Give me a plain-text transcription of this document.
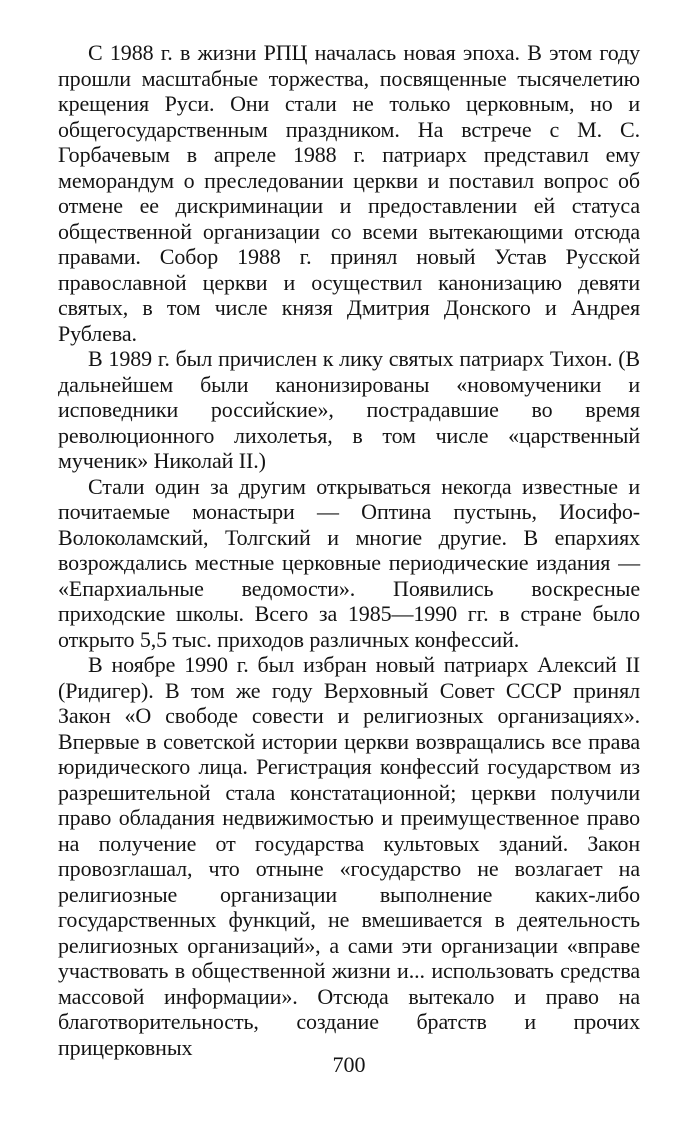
С 1988 г. в жизни РПЦ началась новая эпоха. В этом году прошли масштабные торжества, посвященные тысячелетию крещения Руси. Они стали не только церковным, но и общегосударственным праздником. На встрече с М. С. Горбачевым в апреле 1988 г. патриарх представил ему меморандум о преследовании церкви и поставил вопрос об отмене ее дискриминации и предоставлении ей статуса общественной организации со всеми вытекающими отсюда правами. Собор 1988 г. принял новый Устав Русской православной церкви и осуществил канонизацию девяти святых, в том числе князя Дмитрия Донского и Андрея Рублева.

В 1989 г. был причислен к лику святых патриарх Тихон. (В дальнейшем были канонизированы «новомученики и исповедники российские», пострадавшие во время революционного лихолетья, в том числе «царственный мученик» Николай II.)

Стали один за другим открываться некогда известные и почитаемые монастыри — Оптина пустынь, Иосифо-Волоколамский, Толгский и многие другие. В епархиях возрождались местные церковные периодические издания — «Епархиальные ведомости». Появились воскресные приходские школы. Всего за 1985—1990 гг. в стране было открыто 5,5 тыс. приходов различных конфессий.

В ноябре 1990 г. был избран новый патриарх Алексий II (Ридигер). В том же году Верховный Совет СССР принял Закон «О свободе совести и религиозных организациях». Впервые в советской истории церкви возвращались все права юридического лица. Регистрация конфессий государством из разрешительной стала констатационной; церкви получили право обладания недвижимостью и преимущественное право на получение от государства культовых зданий. Закон провозглашал, что отныне «государство не возлагает на религиозные организации выполнение каких-либо государственных функций, не вмешивается в деятельность религиозных организаций», а сами эти организации «вправе участвовать в общественной жизни и... использовать средства массовой информации». Отсюда вытекало и право на благотворительность, создание братств и прочих прицерковных

700
